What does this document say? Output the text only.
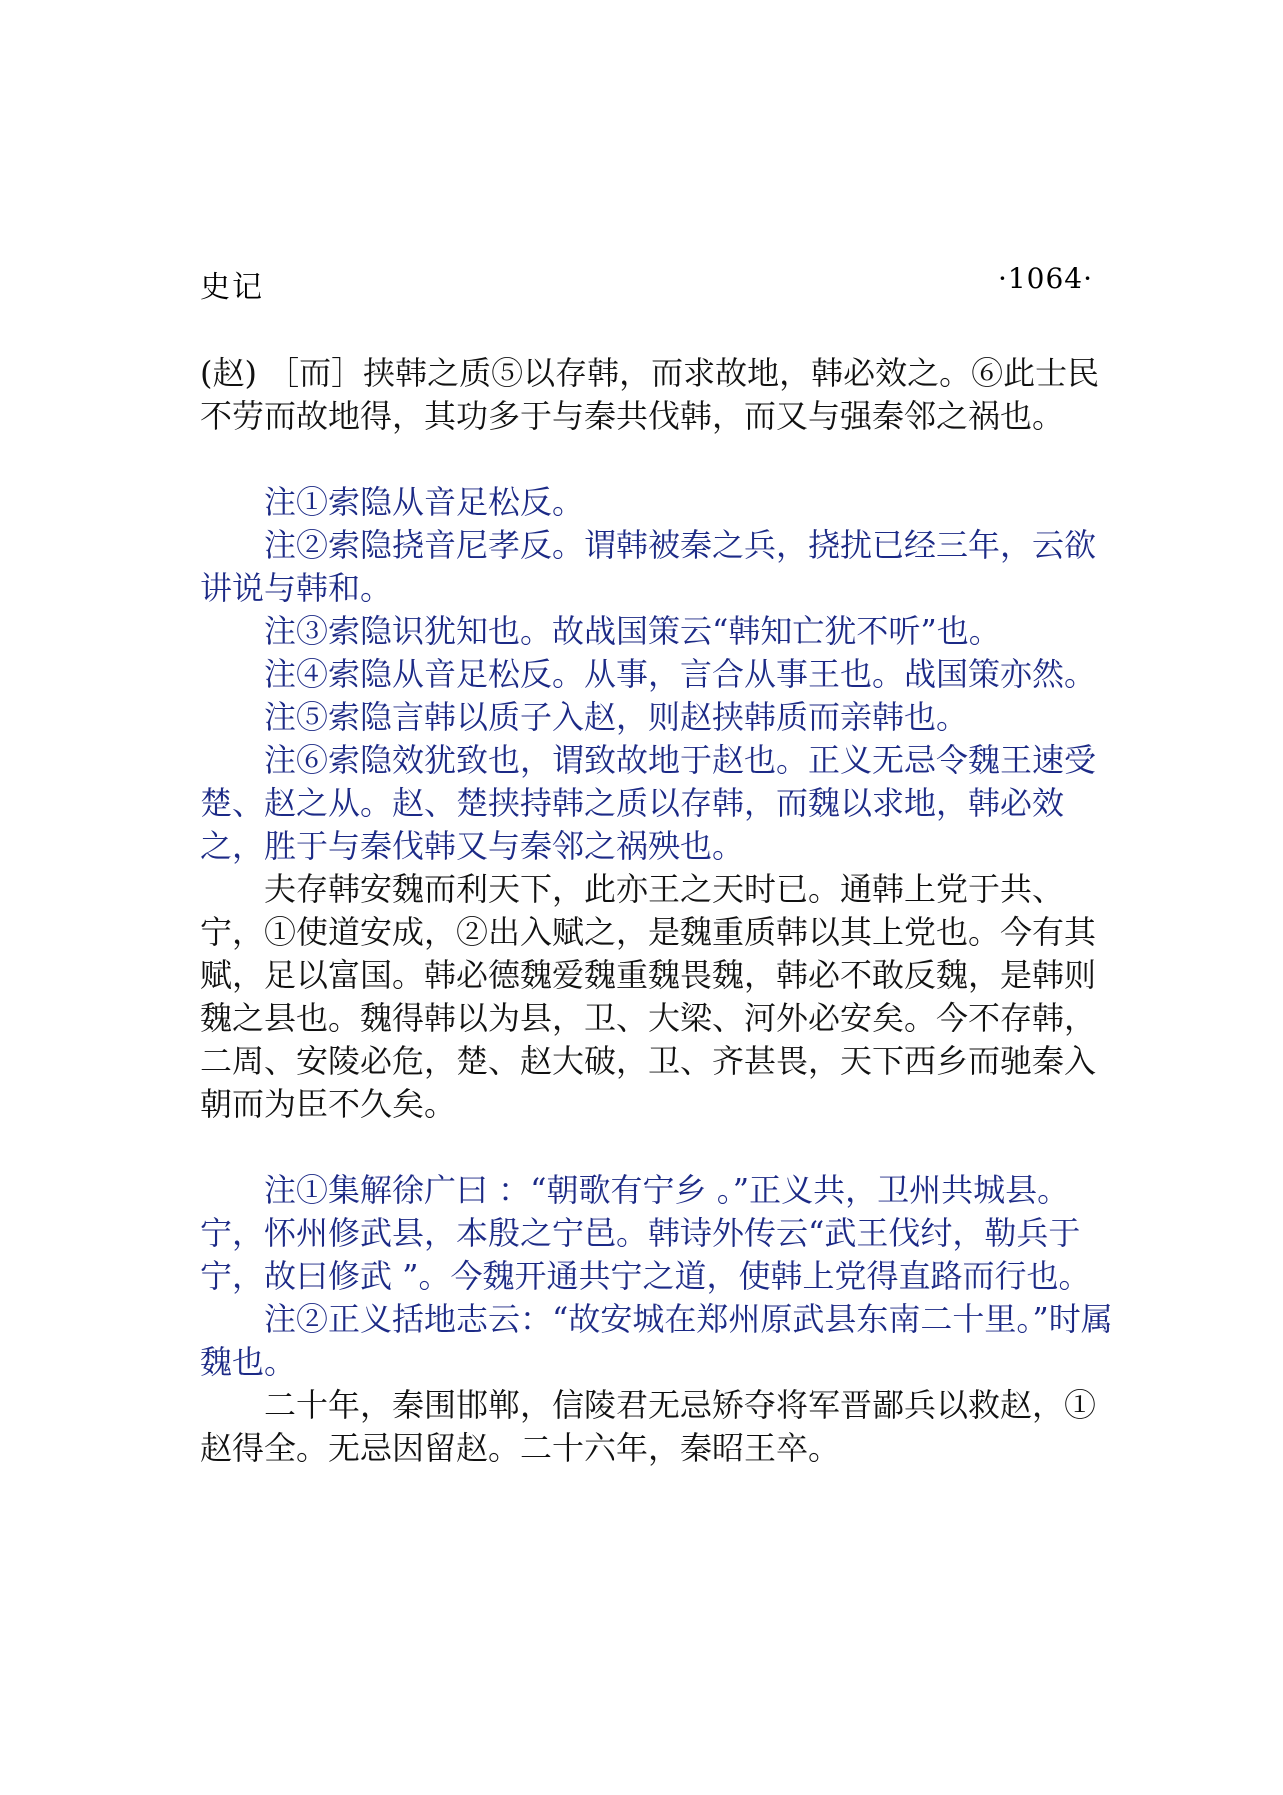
史记	·1064·

(赵) ［而］挟韩之质⑤以存韩，而求故地，韩必效之。⑥此士民不劳而故地得，其功多于与秦共伐韩，而又与强秦邻之祸也。

注①索隐从音足松反。

注②索隐挠音尼孝反。谓韩被秦之兵，挠扰已经三年，云欲讲说与韩和。

注③索隐识犹知也。故战国策云“韩知亡犹不听”也。

注④索隐从音足松反。从事，言合从事王也。战国策亦然。

注⑤索隐言韩以质子入赵，则赵挟韩质而亲韩也。

注⑥索隐效犹致也，谓致故地于赵也。正义无忌令魏王速受楚、赵之从。赵、楚挟持韩之质以存韩，而魏以求地，韩必效之，胜于与秦伐韩又与秦邻之祸殃也。

夫存韩安魏而利天下，此亦王之天时已。通韩上党于共、宁，①使道安成，②出入赋之，是魏重质韩以其上党也。今有其赋，足以富国。韩必德魏爱魏重魏畏魏，韩必不敢反魏，是韩则魏之县也。魏得韩以为县，卫、大梁、河外必安矣。今不存韩，二周、安陵必危，楚、赵大破，卫、齐甚畏，天下西乡而驰秦入朝而为臣不久矣。

注①集解徐广曰 ：“朝歌有宁乡 。”正义共，卫州共城县。宁，怀州修武县，本殷之宁邑。韩诗外传云“武王伐纣，勒兵于宁，故曰修武 ”。今魏开通共宁之道，使韩上党得直路而行也。

注②正义括地志云：“故安城在郑州原武县东南二十里。”时属魏也。

二十年，秦围邯郸，信陵君无忌矫夺将军晋鄙兵以救赵，①赵得全。无忌因留赵。二十六年，秦昭王卒。
